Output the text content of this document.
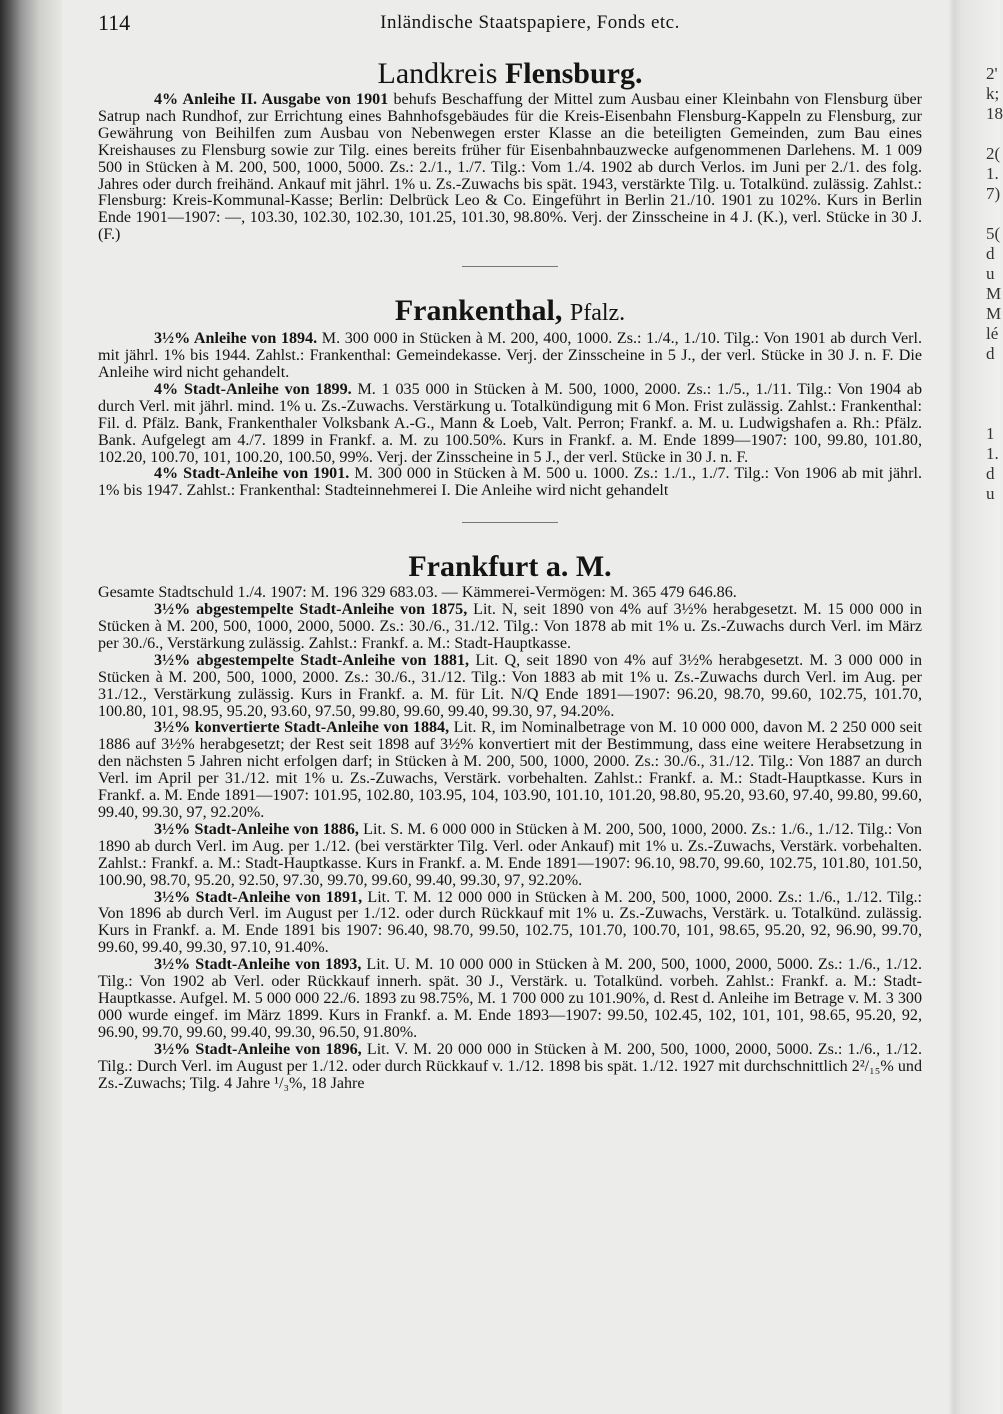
2'
k;
18

2(
1.
7)

5(
d
u
M
M
lé
d

1
1.
d
u
114	Inländische Staatspapiere, Fonds etc.
Landkreis Flensburg.

4% Anleihe II. Ausgabe von 1901 behufs Beschaffung der Mittel zum Ausbau einer Kleinbahn von Flensburg über Satrup nach Rundhof, zur Errichtung eines Bahnhofsgebäudes für die Kreis-Eisenbahn Flensburg-Kappeln zu Flensburg, zur Gewährung von Beihilfen zum Ausbau von Nebenwegen erster Klasse an die beteiligten Gemeinden, zum Bau eines Kreishauses zu Flensburg sowie zur Tilg. eines bereits früher für Eisenbahnbauzwecke aufgenommenen Darlehens. M. 1 009 500 in Stücken à M. 200, 500, 1000, 5000. Zs.: 2./1., 1./7. Tilg.: Vom 1./4. 1902 ab durch Verlos. im Juni per 2./1. des folg. Jahres oder durch freihänd. Ankauf mit jährl. 1% u. Zs.-Zuwachs bis spät. 1943, verstärkte Tilg. u. Totalkünd. zulässig. Zahlst.: Flensburg: Kreis-Kommunal-Kasse; Berlin: Delbrück Leo & Co. Eingeführt in Berlin 21./10. 1901 zu 102%. Kurs in Berlin Ende 1901—1907: —, 103.30, 102.30, 102.30, 101.25, 101.30, 98.80%. Verj. der Zinsscheine in 4 J. (K.), verl. Stücke in 30 J. (F.)

Frankenthal, Pfalz.

3½% Anleihe von 1894. M. 300 000 in Stücken à M. 200, 400, 1000. Zs.: 1./4., 1./10. Tilg.: Von 1901 ab durch Verl. mit jährl. 1% bis 1944. Zahlst.: Frankenthal: Gemeindekasse. Verj. der Zinsscheine in 5 J., der verl. Stücke in 30 J. n. F. Die Anleihe wird nicht gehandelt.

4% Stadt-Anleihe von 1899. M. 1 035 000 in Stücken à M. 500, 1000, 2000. Zs.: 1./5., 1./11. Tilg.: Von 1904 ab durch Verl. mit jährl. mind. 1% u. Zs.-Zuwachs. Verstärkung u. Totalkündigung mit 6 Mon. Frist zulässig. Zahlst.: Frankenthal: Fil. d. Pfälz. Bank, Frankenthaler Volksbank A.-G., Mann & Loeb, Valt. Perron; Frankf. a. M. u. Ludwigshafen a. Rh.: Pfälz. Bank. Aufgelegt am 4./7. 1899 in Frankf. a. M. zu 100.50%. Kurs in Frankf. a. M. Ende 1899—1907: 100, 99.80, 101.80, 102.20, 100.70, 101, 100.20, 100.50, 99%. Verj. der Zinsscheine in 5 J., der verl. Stücke in 30 J. n. F.

4% Stadt-Anleihe von 1901. M. 300 000 in Stücken à M. 500 u. 1000. Zs.: 1./1., 1./7. Tilg.: Von 1906 ab mit jährl. 1% bis 1947. Zahlst.: Frankenthal: Stadteinnehmerei I. Die Anleihe wird nicht gehandelt

Frankfurt a. M.

Gesamte Stadtschuld 1./4. 1907: M. 196 329 683.03. — Kämmerei-Vermögen: M. 365 479 646.86.

3½% abgestempelte Stadt-Anleihe von 1875, Lit. N, seit 1890 von 4% auf 3½% herabgesetzt. M. 15 000 000 in Stücken à M. 200, 500, 1000, 2000, 5000. Zs.: 30./6., 31./12. Tilg.: Von 1878 ab mit 1% u. Zs.-Zuwachs durch Verl. im März per 30./6., Verstärkung zulässig. Zahlst.: Frankf. a. M.: Stadt-Hauptkasse.

3½% abgestempelte Stadt-Anleihe von 1881, Lit. Q, seit 1890 von 4% auf 3½% herabgesetzt. M. 3 000 000 in Stücken à M. 200, 500, 1000, 2000. Zs.: 30./6., 31./12. Tilg.: Von 1883 ab mit 1% u. Zs.-Zuwachs durch Verl. im Aug. per 31./12., Verstärkung zulässig. Kurs in Frankf. a. M. für Lit. N/Q Ende 1891—1907: 96.20, 98.70, 99.60, 102.75, 101.70, 100.80, 101, 98.95, 95.20, 93.60, 97.50, 99.80, 99.60, 99.40, 99.30, 97, 94.20%.

3½% konvertierte Stadt-Anleihe von 1884, Lit. R, im Nominalbetrage von M. 10 000 000, davon M. 2 250 000 seit 1886 auf 3½% herabgesetzt; der Rest seit 1898 auf 3½% konvertiert mit der Bestimmung, dass eine weitere Herabsetzung in den nächsten 5 Jahren nicht erfolgen darf; in Stücken à M. 200, 500, 1000, 2000. Zs.: 30./6., 31./12. Tilg.: Von 1887 an durch Verl. im April per 31./12. mit 1% u. Zs.-Zuwachs, Verstärk. vorbehalten. Zahlst.: Frankf. a. M.: Stadt-Hauptkasse. Kurs in Frankf. a. M. Ende 1891—1907: 101.95, 102.80, 103.95, 104, 103.90, 101.10, 101.20, 98.80, 95.20, 93.60, 97.40, 99.80, 99.60, 99.40, 99.30, 97, 92.20%.

3½% Stadt-Anleihe von 1886, Lit. S. M. 6 000 000 in Stücken à M. 200, 500, 1000, 2000. Zs.: 1./6., 1./12. Tilg.: Von 1890 ab durch Verl. im Aug. per 1./12. (bei verstärkter Tilg. Verl. oder Ankauf) mit 1% u. Zs.-Zuwachs, Verstärk. vorbehalten. Zahlst.: Frankf. a. M.: Stadt-Hauptkasse. Kurs in Frankf. a. M. Ende 1891—1907: 96.10, 98.70, 99.60, 102.75, 101.80, 101.50, 100.90, 98.70, 95.20, 92.50, 97.30, 99.70, 99.60, 99.40, 99.30, 97, 92.20%.

3½% Stadt-Anleihe von 1891, Lit. T. M. 12 000 000 in Stücken à M. 200, 500, 1000, 2000. Zs.: 1./6., 1./12. Tilg.: Von 1896 ab durch Verl. im August per 1./12. oder durch Rückkauf mit 1% u. Zs.-Zuwachs, Verstärk. u. Totalkünd. zulässig. Kurs in Frankf. a. M. Ende 1891 bis 1907: 96.40, 98.70, 99.50, 102.75, 101.70, 100.70, 101, 98.65, 95.20, 92, 96.90, 99.70, 99.60, 99.40, 99.30, 97.10, 91.40%.

3½% Stadt-Anleihe von 1893, Lit. U. M. 10 000 000 in Stücken à M. 200, 500, 1000, 2000, 5000. Zs.: 1./6., 1./12. Tilg.: Von 1902 ab Verl. oder Rückkauf innerh. spät. 30 J., Verstärk. u. Totalkünd. vorbeh. Zahlst.: Frankf. a. M.: Stadt-Hauptkasse. Aufgel. M. 5 000 000 22./6. 1893 zu 98.75%, M. 1 700 000 zu 101.90%, d. Rest d. Anleihe im Betrage v. M. 3 300 000 wurde eingef. im März 1899. Kurs in Frankf. a. M. Ende 1893—1907: 99.50, 102.45, 102, 101, 101, 98.65, 95.20, 92, 96.90, 99.70, 99.60, 99.40, 99.30, 96.50, 91.80%.

3½% Stadt-Anleihe von 1896, Lit. V. M. 20 000 000 in Stücken à M. 200, 500, 1000, 2000, 5000. Zs.: 1./6., 1./12. Tilg.: Durch Verl. im August per 1./12. oder durch Rückkauf v. 1./12. 1898 bis spät. 1./12. 1927 mit durchschnittlich 2²/₁₅% und Zs.-Zuwachs; Tilg. 4 Jahre ¹/₃%, 18 Jahre
